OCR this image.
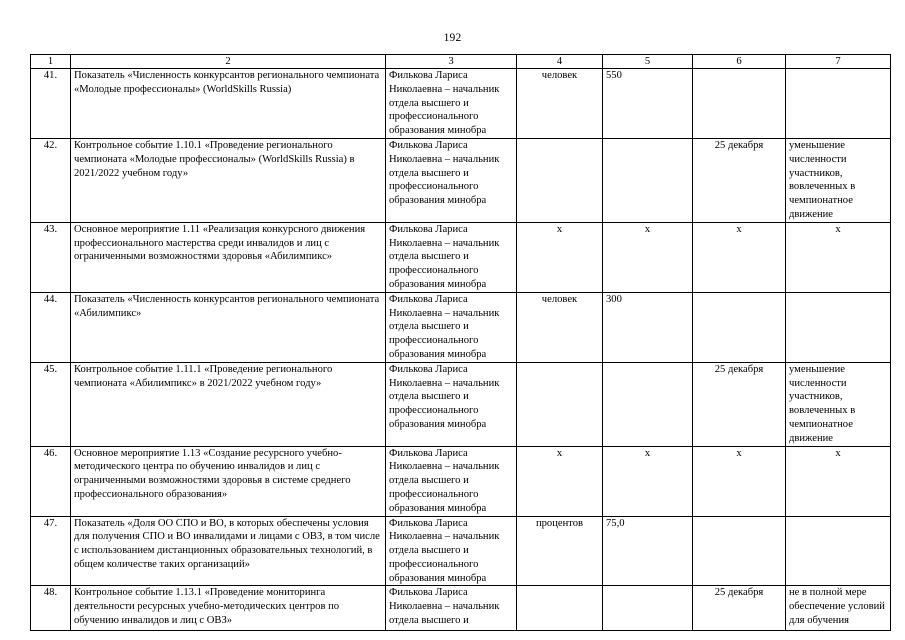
192
1	2	3	4	5	6	7
41.	Показатель «Численность конкурсантов регионального чемпионата «Молодые профессионалы» (WorldSkills Russia)	Филькова Лариса Николаевна – начальник отдела высшего и профессионального образования минобра	человек	550		
42.	Контрольное событие 1.10.1 «Проведение регионального чемпионата «Молодые профессионалы» (WorldSkills Russia) в 2021/2022 учебном году»	Филькова Лариса Николаевна – начальник отдела высшего и профессионального образования минобра			25 декабря	уменьшение численности участников, вовлеченных в чемпионатное движение
43.	Основное мероприятие 1.11 «Реализация конкурсного движения профессионального мастерства среди инвалидов и лиц с ограниченными возможностями здоровья «Абилимпикс»	Филькова Лариса Николаевна – начальник отдела высшего и профессионального образования минобра	x	x	x	x
44.	Показатель «Численность конкурсантов регионального чемпионата «Абилимпикс»	Филькова Лариса Николаевна – начальник отдела высшего и профессионального образования минобра	человек	300		
45.	Контрольное событие 1.11.1 «Проведение регионального чемпионата «Абилимпикс» в 2021/2022 учебном году»	Филькова Лариса Николаевна – начальник отдела высшего и профессионального образования минобра			25 декабря	уменьшение численности участников, вовлеченных в чемпионатное движение
46.	Основное мероприятие 1.13 «Создание ресурсного учебно-методического центра по обучению инвалидов и лиц с ограниченными возможностями здоровья в системе среднего профессионального образования»	Филькова Лариса Николаевна – начальник отдела высшего и профессионального образования минобра	x	x	x	x
47.	Показатель «Доля ОО СПО и ВО, в которых обеспечены условия для получения СПО и ВО инвалидами и лицами с ОВЗ, в том числе с использованием дистанционных образовательных технологий, в общем количестве таких организаций»	Филькова Лариса Николаевна – начальник отдела высшего и профессионального образования минобра	процентов	75,0		
48.	Контрольное событие 1.13.1 «Проведение мониторинга деятельности ресурсных учебно-методических центров по обучению инвалидов и лиц с ОВЗ»	Филькова Лариса Николаевна – начальник отдела высшего и			25 декабря	не в полной мере обеспечение условий для обучения
